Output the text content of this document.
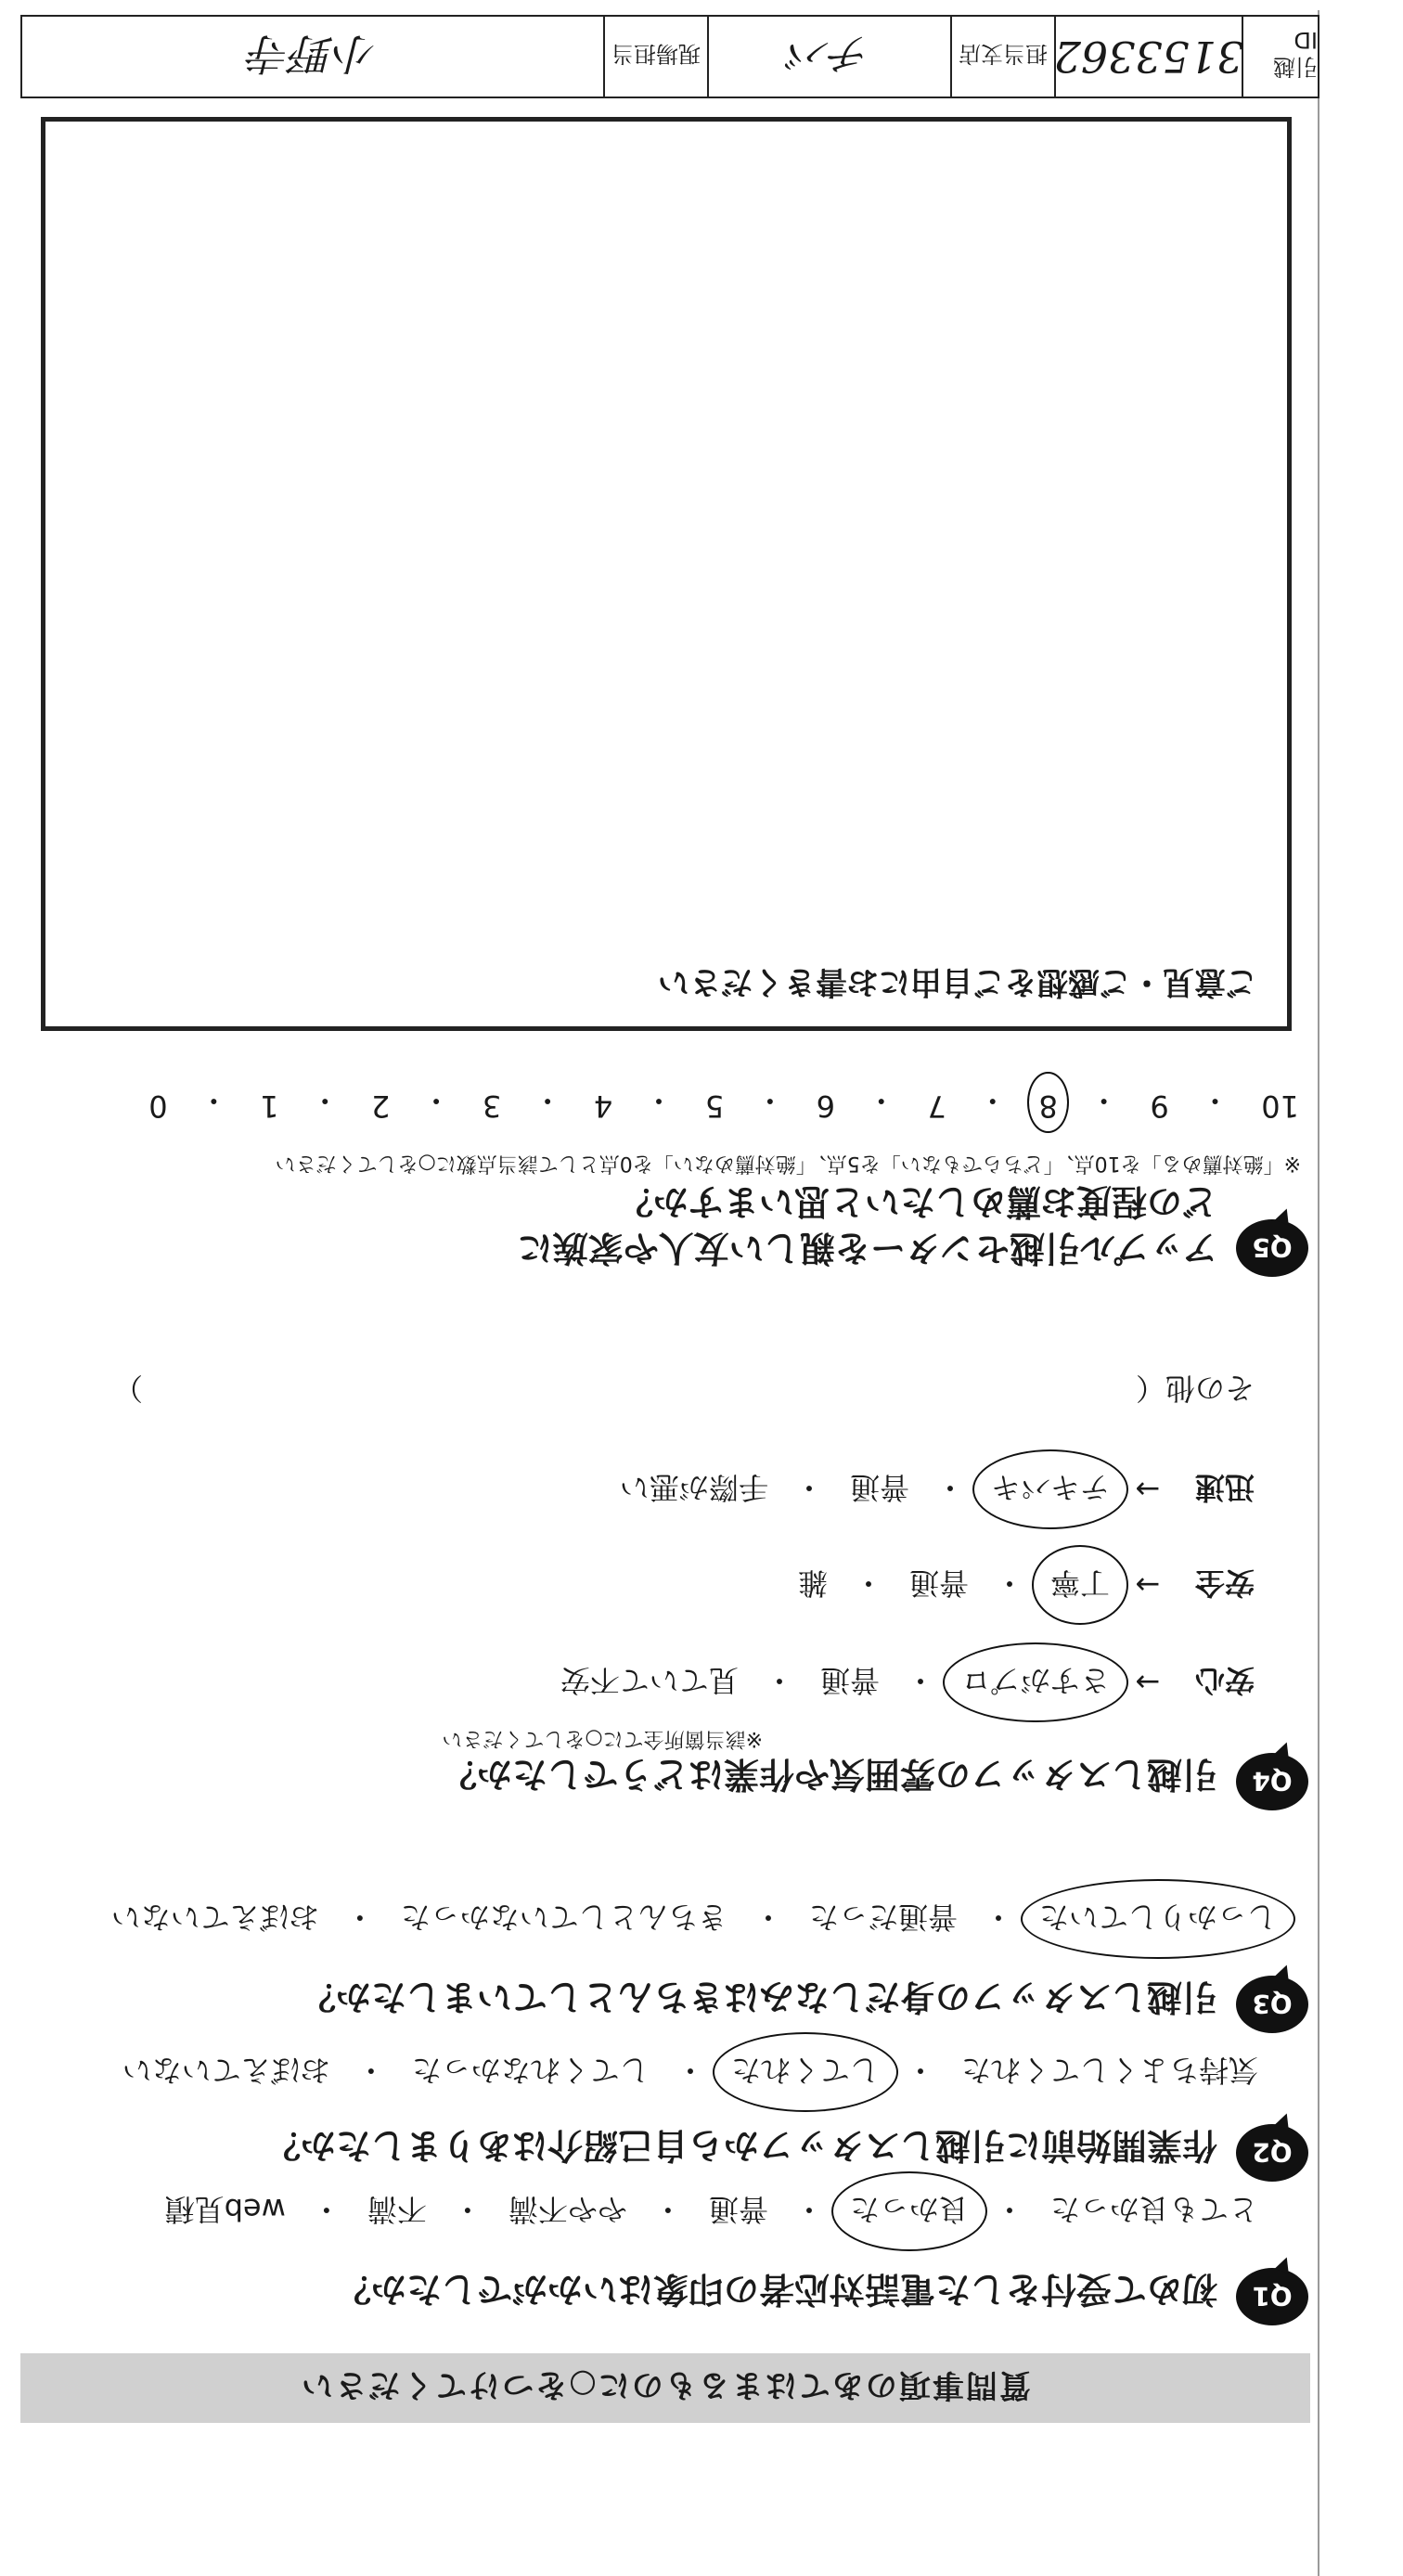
質問事項のあてはまるものに○をつけてください
Q1
初めて受付をした電話対応者の印象はいかがでしたか？
とても良かった
・
良かった
・
普通
・
やや不満
・
不満
・
web見積
Q2
作業開始前に引越しスタッフから自己紹介はありましたか？
気持ちよくしてくれた
・
してくれた
・
してくれなかった
・
おぼえていない
Q3
引越しスタッフの身だしなみはきちんとしていましたか？
しっかりしていた
・
普通だった
・
きちんとしていなかった
・
おぼえていない
Q4
引越しスタッフの雰囲気や作業はどうでしたか？
※該当箇所全てに○をしてください
安心
→
さすがプロ
・
普通
・
見ていて不安
安全
→
丁寧
・
普通
・
雑
迅速
→
テキパキ
・
普通
・
手際が悪い
その他（
）
Q5
アップル引越センターを親しい友人や家族に
どの程度お薦めしたいと思いますか？
※「絶対薦める」を10点、「どちらでもない」を5点、「絶対薦めない」を0点として該当点数に○をしてください
10
・
9
・
8
・
7
・
6
・
5
・
4
・
3
・
2
・
1
・
0
ご意見・ご感想をご自由にお書きください
引越 ID
3153362
担当支店
チバ
現場担当
小野寺
